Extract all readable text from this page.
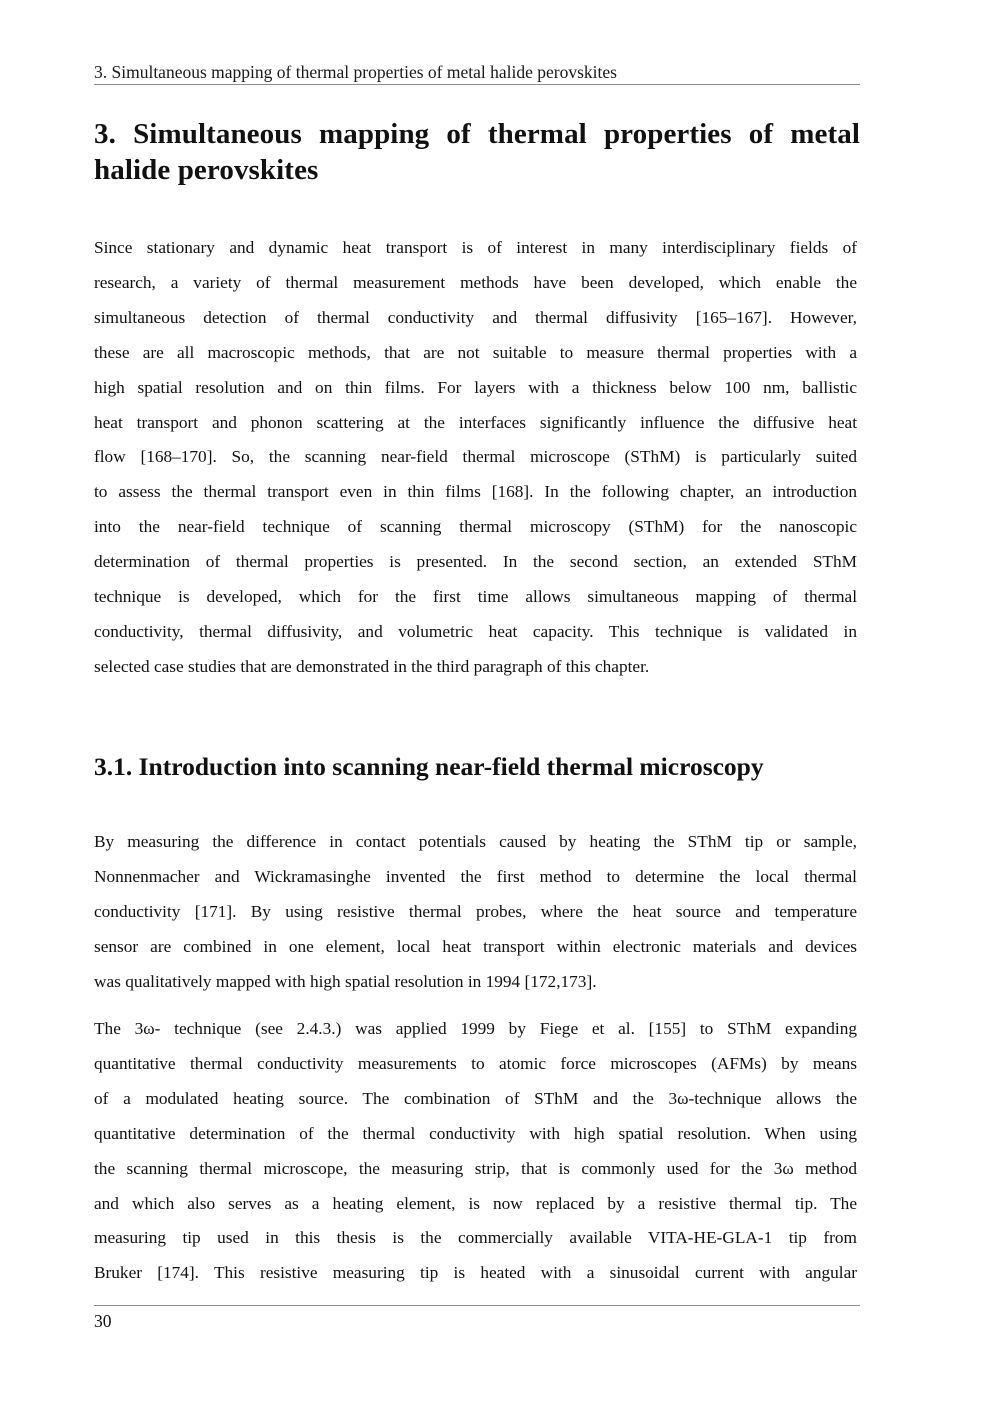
3. Simultaneous mapping of thermal properties of metal halide perovskites
3. Simultaneous mapping of thermal properties of metal
halide perovskites

Since stationary and dynamic heat transport is of interest in many interdisciplinary fields of
research, a variety of thermal measurement methods have been developed, which enable the
simultaneous detection of thermal conductivity and thermal diffusivity [165–167]. However,
these are all macroscopic methods, that are not suitable to measure thermal properties with a
high spatial resolution and on thin films. For layers with a thickness below 100 nm, ballistic
heat transport and phonon scattering at the interfaces significantly influence the diffusive heat
flow [168–170]. So, the scanning near-field thermal microscope (SThM) is particularly suited
to assess the thermal transport even in thin films [168]. In the following chapter, an introduction
into the near-field technique of scanning thermal microscopy (SThM) for the nanoscopic
determination of thermal properties is presented. In the second section, an extended SThM
technique is developed, which for the first time allows simultaneous mapping of thermal
conductivity, thermal diffusivity, and volumetric heat capacity. This technique is validated in
selected case studies that are demonstrated in the third paragraph of this chapter.

3.1. Introduction into scanning near-field thermal microscopy

By measuring the difference in contact potentials caused by heating the SThM tip or sample,
Nonnenmacher and Wickramasinghe invented the first method to determine the local thermal
conductivity [171]. By using resistive thermal probes, where the heat source and temperature
sensor are combined in one element, local heat transport within electronic materials and devices
was qualitatively mapped with high spatial resolution in 1994 [172,173].

The 3ω- technique (see 2.4.3.) was applied 1999 by Fiege et al. [155] to SThM expanding
quantitative thermal conductivity measurements to atomic force microscopes (AFMs) by means
of a modulated heating source. The combination of SThM and the 3ω-technique allows the
quantitative determination of the thermal conductivity with high spatial resolution. When using
the scanning thermal microscope, the measuring strip, that is commonly used for the 3ω method
and which also serves as a heating element, is now replaced by a resistive thermal tip. The
measuring tip used in this thesis is the commercially available VITA-HE-GLA-1 tip from
Bruker [174]. This resistive measuring tip is heated with a sinusoidal current with angular

30
